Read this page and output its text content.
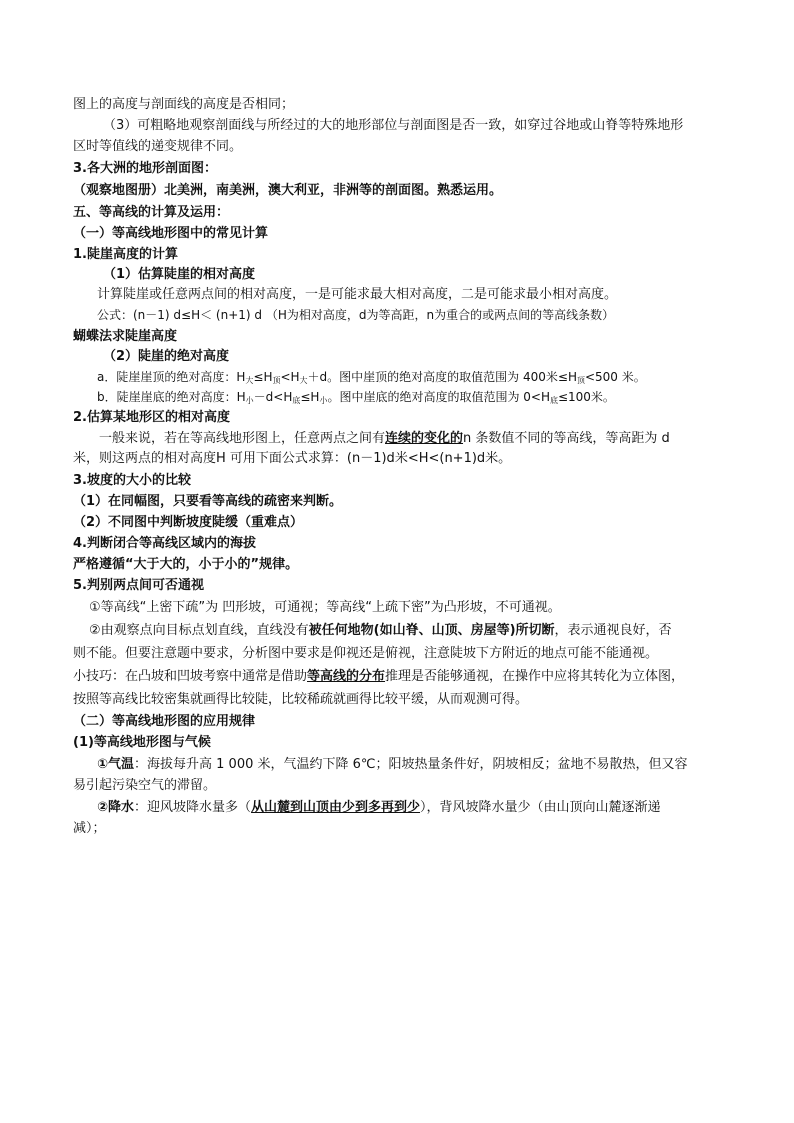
图上的高度与剖面线的高度是否相同；
（3）可粗略地观察剖面线与所经过的大的地形部位与剖面图是否一致，如穿过谷地或山脊等特殊地形
区时等值线的递变规律不同。
3.各大洲的地形剖面图：
（观察地图册）北美洲，南美洲，澳大利亚，非洲等的剖面图。熟悉运用。
五、等高线的计算及运用：
（一）等高线地形图中的常见计算
1.陡崖高度的计算
（1）估算陡崖的相对高度
计算陡崖或任意两点间的相对高度，一是可能求最大相对高度，二是可能求最小相对高度。
公式：(n－1) d≤H＜ (n+1) d （H为相对高度，d为等高距，n为重合的或两点间的等高线条数）
蝴蝶法求陡崖高度
（2）陡崖的绝对高度
a．陡崖崖顶的绝对高度：$H_大\le H_顶<H_大+d$。图中崖顶的绝对高度的取值范围为 400米$\le H_顶<500$ 米。
b．陡崖崖底的绝对高度：$H_小-d<H_底\le H_小$。图中崖底的绝对高度的取值范围为 $0<H_底\le 100$米。
2.估算某地形区的相对高度
一般来说，若在等高线地形图上，任意两点之间有连续的变化的n 条数值不同的等高线，等高距为 d
米，则这两点的相对高度H 可用下面公式求算：(n－1)d米<H<(n+1)d米。
3.坡度的大小的比较
（1）在同幅图，只要看等高线的疏密来判断。
（2）不同图中判断坡度陡缓（重难点）
4.判断闭合等高线区域内的海拔
严格遵循“大于大的，小于小的”规律。
5.判别两点间可否通视
①等高线“上密下疏”为 凹形坡，可通视；等高线“上疏下密”为凸形坡，不可通视。
②由观察点向目标点划直线，直线没有被任何地物(如山脊、山顶、房屋等)所切断，表示通视良好，否
则不能。但要注意题中要求，分析图中要求是仰视还是俯视，注意陡坡下方附近的地点可能不能通视。
小技巧：在凸坡和凹坡考察中通常是借助等高线的分布推理是否能够通视，在操作中应将其转化为立体图，
按照等高线比较密集就画得比较陡，比较稀疏就画得比较平缓，从而观测可得。
（二）等高线地形图的应用规律
(1)等高线地形图与气候
①气温：海拔每升高 1 000 米，气温约下降 6℃；阳坡热量条件好，阴坡相反；盆地不易散热，但又容
易引起污染空气的滞留。
②降水：迎风坡降水量多（从山麓到山顶由少到多再到少），背风坡降水量少（由山顶向山麓逐渐递
减）；
